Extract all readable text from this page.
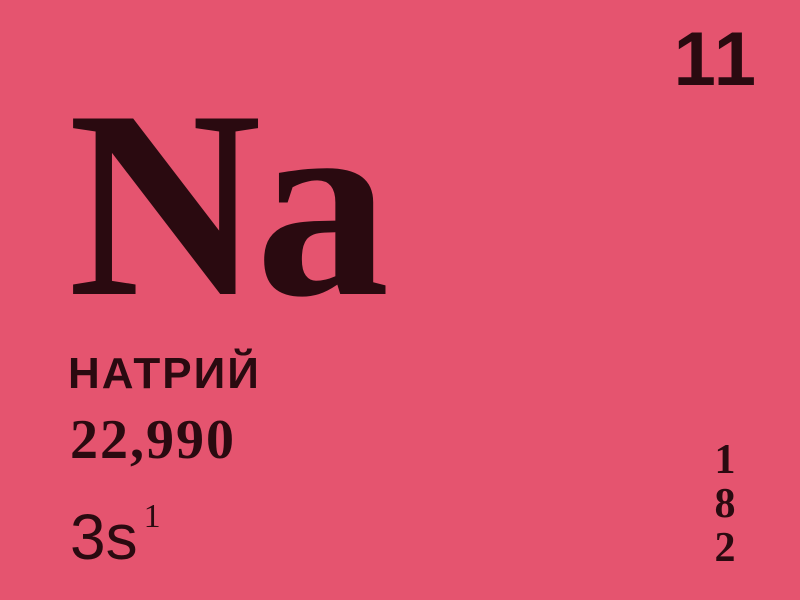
11
Na
НАТРИЙ
22,990
3s 1
1
8
2
